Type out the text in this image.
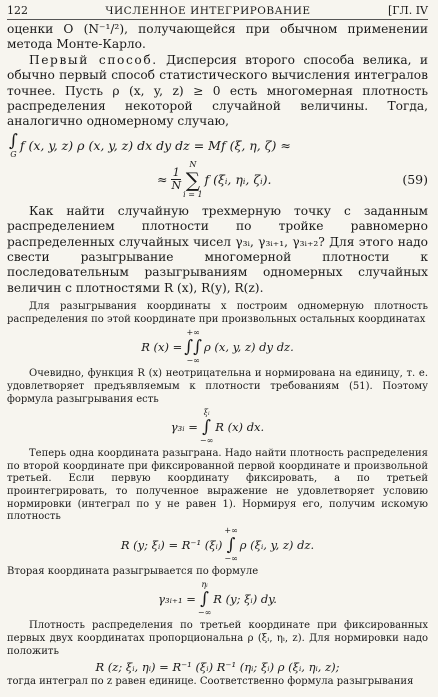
122	ЧИСЛЕННОЕ ИНТЕГРИРОВАНИЕ	[ГЛ. IV

оценки O (N⁻¹/²), получающейся при обычном применении метода Монте-Карло.

Первый способ. Дисперсия второго способа велика, и обычно первый способ статистического вычисления интегралов точнее. Пусть ρ (x, y, z) ≥ 0 есть многомерная плотность распределения некоторой случайной величины. Тогда, аналогично одномерному случаю,

∫
G
f (x, y, z) ρ (x, y, z) dx dy dz = Mf (ξ, η, ζ) ≈
≈ $\frac{1}{N}$
N
∑
i = 1
f (ξᵢ, ηᵢ, ζᵢ).	(59)

Как найти случайную трехмерную точку с заданным распределением плотности по тройке равномерно распределенных случайных чисел γ₃ᵢ, γ₃ᵢ₊₁, γ₃ᵢ₊₂? Для этого надо свести разыгрывание многомерной плотности к последовательным разыгрываниям одномерных случайных величин с плотностями R (x), R(y), R(z).

Для разыгрывания координаты x построим одномерную плотность распределения по этой координате при произвольных остальных координатах

R (x) =
+∞
∫∫
−∞
ρ (x, y, z) dy dz.

Очевидно, функция R (x) неотрицательна и нормирована на единицу, т. е. удовлетворяет предъявляемым к плотности требованиям (51). Поэтому формула разыгрывания есть

γ₃ᵢ =
ξᵢ
∫
−∞
R (x) dx.

Теперь одна координата разыграна. Надо найти плотность распределения по второй координате при фиксированной первой координате и произвольной третьей. Если первую координату фиксировать, а по третьей проинтегрировать, то полученное выражение не удовлетворяет условию нормировки (интеграл по y не равен 1). Нормируя его, получим искомую плотность

R (y; ξᵢ) = R⁻¹ (ξᵢ)
+∞
∫
−∞
ρ (ξᵢ, y, z) dz.

Вторая координата разыгрывается по формуле

γ₃ᵢ₊₁ =
ηᵢ
∫
−∞
R (y; ξᵢ) dy.

Плотность распределения по третьей координате при фиксированных первых двух координатах пропорциональна ρ (ξᵢ, ηᵢ, z). Для нормировки надо положить

R (z; ξᵢ, ηᵢ) = R⁻¹ (ξᵢ) R⁻¹ (ηᵢ; ξᵢ) ρ (ξᵢ, ηᵢ, z);

тогда интеграл по z равен единице. Соответственно формула разыгрывания
